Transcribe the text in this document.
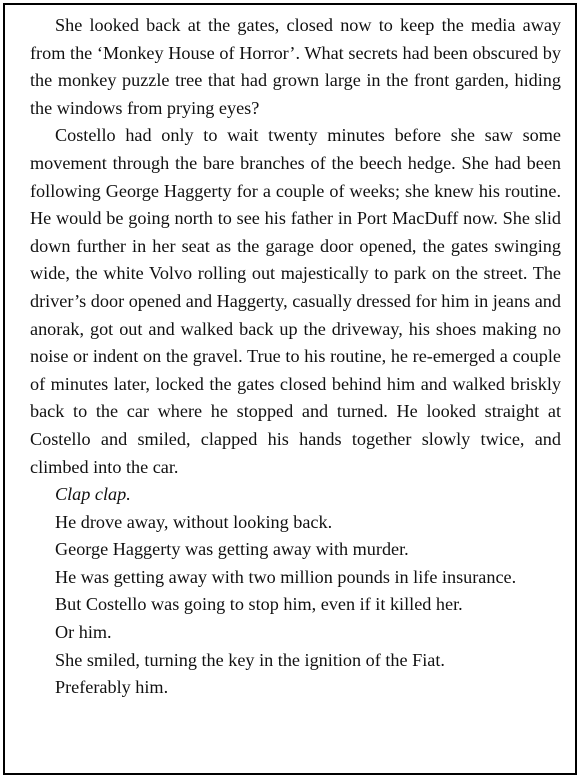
She looked back at the gates, closed now to keep the media away from the ‘Monkey House of Horror’. What secrets had been obscured by the monkey puzzle tree that had grown large in the front garden, hiding the windows from prying eyes?

Costello had only to wait twenty minutes before she saw some movement through the bare branches of the beech hedge. She had been following George Haggerty for a couple of weeks; she knew his routine. He would be going north to see his father in Port MacDuff now. She slid down further in her seat as the garage door opened, the gates swinging wide, the white Volvo rolling out majestically to park on the street. The driver’s door opened and Haggerty, casually dressed for him in jeans and anorak, got out and walked back up the driveway, his shoes making no noise or indent on the gravel. True to his routine, he re-emerged a couple of minutes later, locked the gates closed behind him and walked briskly back to the car where he stopped and turned. He looked straight at Costello and smiled, clapped his hands together slowly twice, and climbed into the car.

Clap clap.

He drove away, without looking back.

George Haggerty was getting away with murder.

He was getting away with two million pounds in life insurance.

But Costello was going to stop him, even if it killed her.

Or him.

She smiled, turning the key in the ignition of the Fiat.

Preferably him.
